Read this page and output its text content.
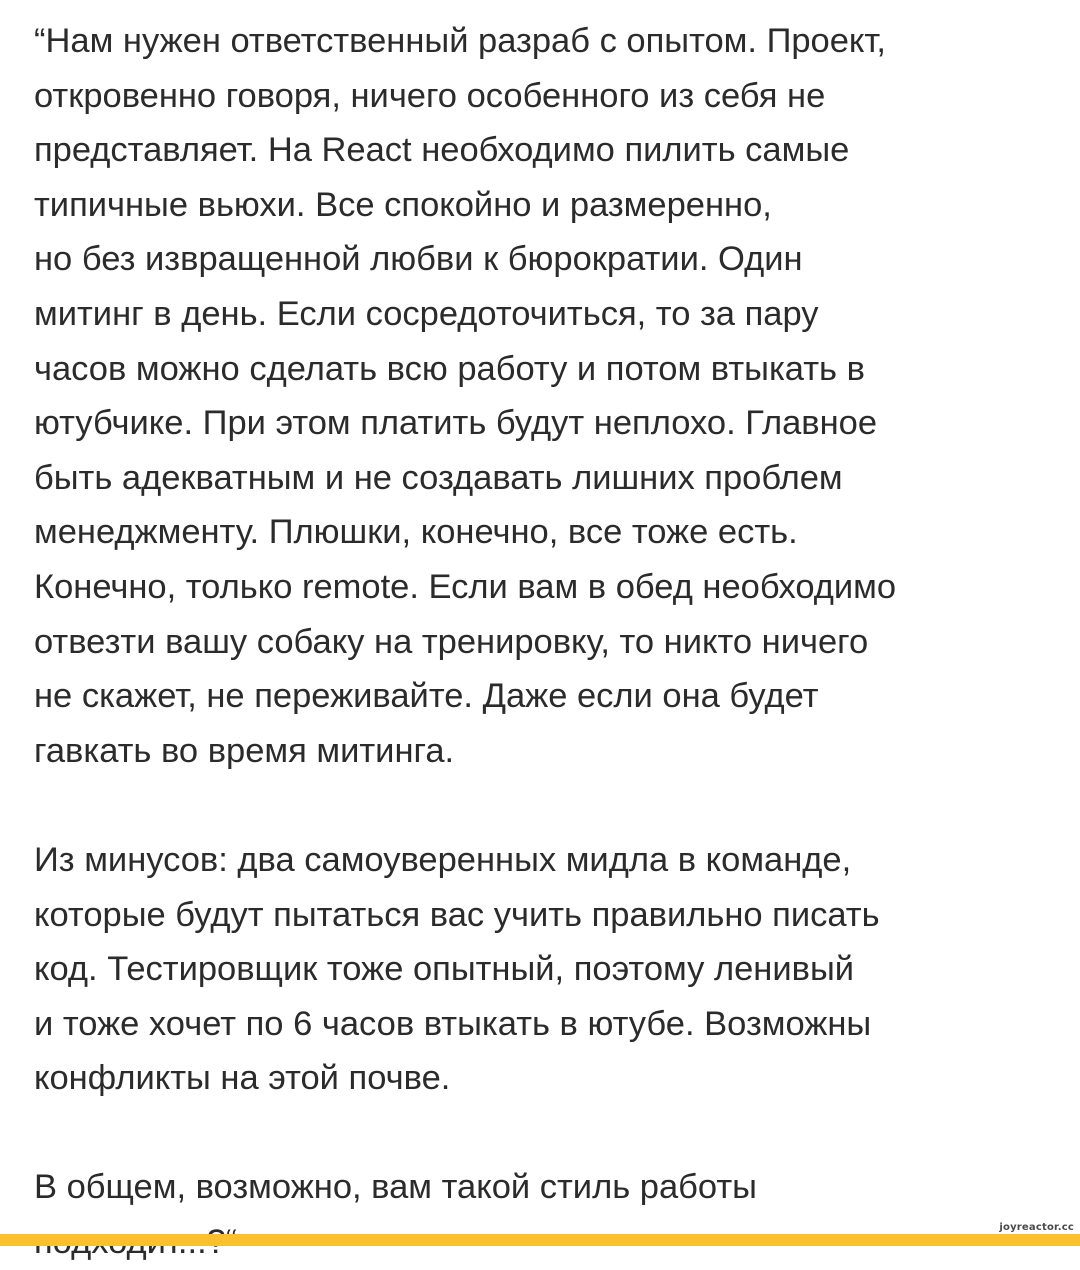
“Нам нужен ответственный разраб с опытом. Проект,
откровенно говоря, ничего особенного из себя не
представляет. На React необходимо пилить самые
типичные вьюхи. Все спокойно и размеренно,
но без извращенной любви к бюрократии. Один
митинг в день. Если сосредоточиться, то за пару
часов можно сделать всю работу и потом втыкать в
ютубчике. При этом платить будут неплохо. Главное
быть адекватным и не создавать лишних проблем
менеджменту. Плюшки, конечно, все тоже есть.
Конечно, только remote. Если вам в обед необходимо
отвезти вашу собаку на тренировку, то никто ничего
не скажет, не переживайте. Даже если она будет
гавкать во время митинга.
Из минусов: два самоуверенных мидла в команде,
которые будут пытаться вас учить правильно писать
код. Тестировщик тоже опытный, поэтому ленивый
и тоже хочет по 6 часов втыкать в ютубе. Возможны
конфликты на этой почве.
В общем, возможно, вам такой стиль работы
joyreactor.cc
